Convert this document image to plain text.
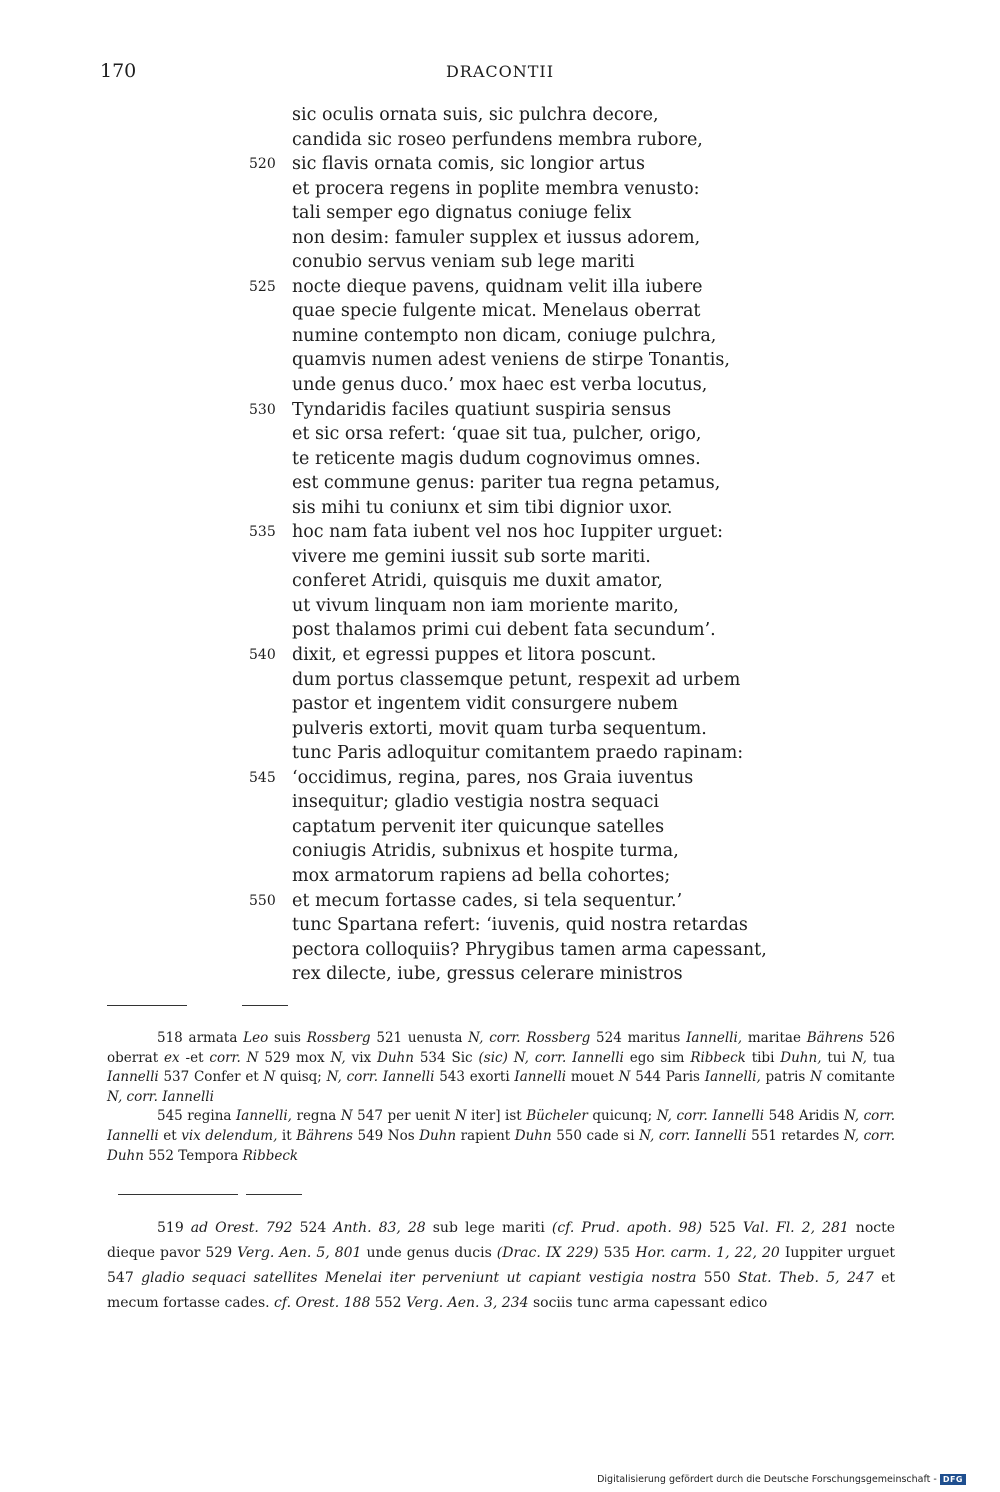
170	DRACONTII
sic oculis ornata suis, sic pulchra decore,
candida sic roseo perfundens membra rubore,
520 sic flavis ornata comis, sic longior artus
et procera regens in poplite membra venusto:
tali semper ego dignatus coniuge felix
non desim: famuler supplex et iussus adorem,
conubio servus veniam sub lege mariti
525 nocte dieque pavens, quidnam velit illa iubere
quae specie fulgente micat. Menelaus oberrat
numine contempto non dicam, coniuge pulchra,
quamvis numen adest veniens de stirpe Tonantis,
unde genus duco.’ mox haec est verba locutus,
530 Tyndaridis faciles quatiunt suspiria sensus
et sic orsa refert: ‘quae sit tua, pulcher, origo,
te reticente magis dudum cognovimus omnes.
est commune genus: pariter tua regna petamus,
sis mihi tu coniunx et sim tibi dignior uxor.
535 hoc nam fata iubent vel nos hoc Iuppiter urguet:
vivere me gemini iussit sub sorte mariti.
conferet Atridi, quisquis me duxit amator,
ut vivum linquam non iam moriente marito,
post thalamos primi cui debent fata secundum’.
540 dixit, et egressi puppes et litora poscunt.
dum portus classemque petunt, respexit ad urbem
pastor et ingentem vidit consurgere nubem
pulveris extorti, movit quam turba sequentum.
tunc Paris adloquitur comitantem praedo rapinam:
545 ‘occidimus, regina, pares, nos Graia iuventus
insequitur; gladio vestigia nostra sequaci
captatum pervenit iter quicunque satelles
coniugis Atridis, subnixus et hospite turma,
mox armatorum rapiens ad bella cohortes;
550 et mecum fortasse cades, si tela sequentur.’
tunc Spartana refert: ‘iuvenis, quid nostra retardas
pectora colloquiis? Phrygibus tamen arma capessant,
rex dilecte, iube, gressus celerare ministros
518 armata Leo suis Rossberg 521 uenusta N, corr. Rossberg 524 maritus Iannelli, maritae Bährens 526 oberrat ex -et corr. N 529 mox N, vix Duhn 534 Sic (sic) N, corr. Iannelli ego sim Ribbeck tibi Duhn, tui N, tua Iannelli 537 Confer et N quisq; N, corr. Iannelli 543 exorti Iannelli mouet N 544 Paris Iannelli, patris N comitante N, corr. Iannelli
545 regina Iannelli, regna N 547 per uenit N iter] ist Bücheler quicunq; N, corr. Iannelli 548 Aridis N, corr. Iannelli et vix delendum, it Bährens 549 Nos Duhn rapient Duhn 550 cade si N, corr. Iannelli 551 retardes N, corr. Duhn 552 Tempora Ribbeck
519 ad Orest. 792 524 Anth. 83, 28 sub lege mariti (cf. Prud. apoth. 98) 525 Val. Fl. 2, 281 nocte dieque pavor 529 Verg. Aen. 5, 801 unde genus ducis (Drac. IX 229) 535 Hor. carm. 1, 22, 20 Iuppiter urguet 547 gladio sequaci satellites Menelai iter perveniunt ut capiant vestigia nostra 550 Stat. Theb. 5, 247 et mecum fortasse cades. cf. Orest. 188 552 Verg. Aen. 3, 234 sociis tunc arma capessant edico
Digitalisierung gefördert durch die Deutsche Forschungsgemeinschaft - DFG
